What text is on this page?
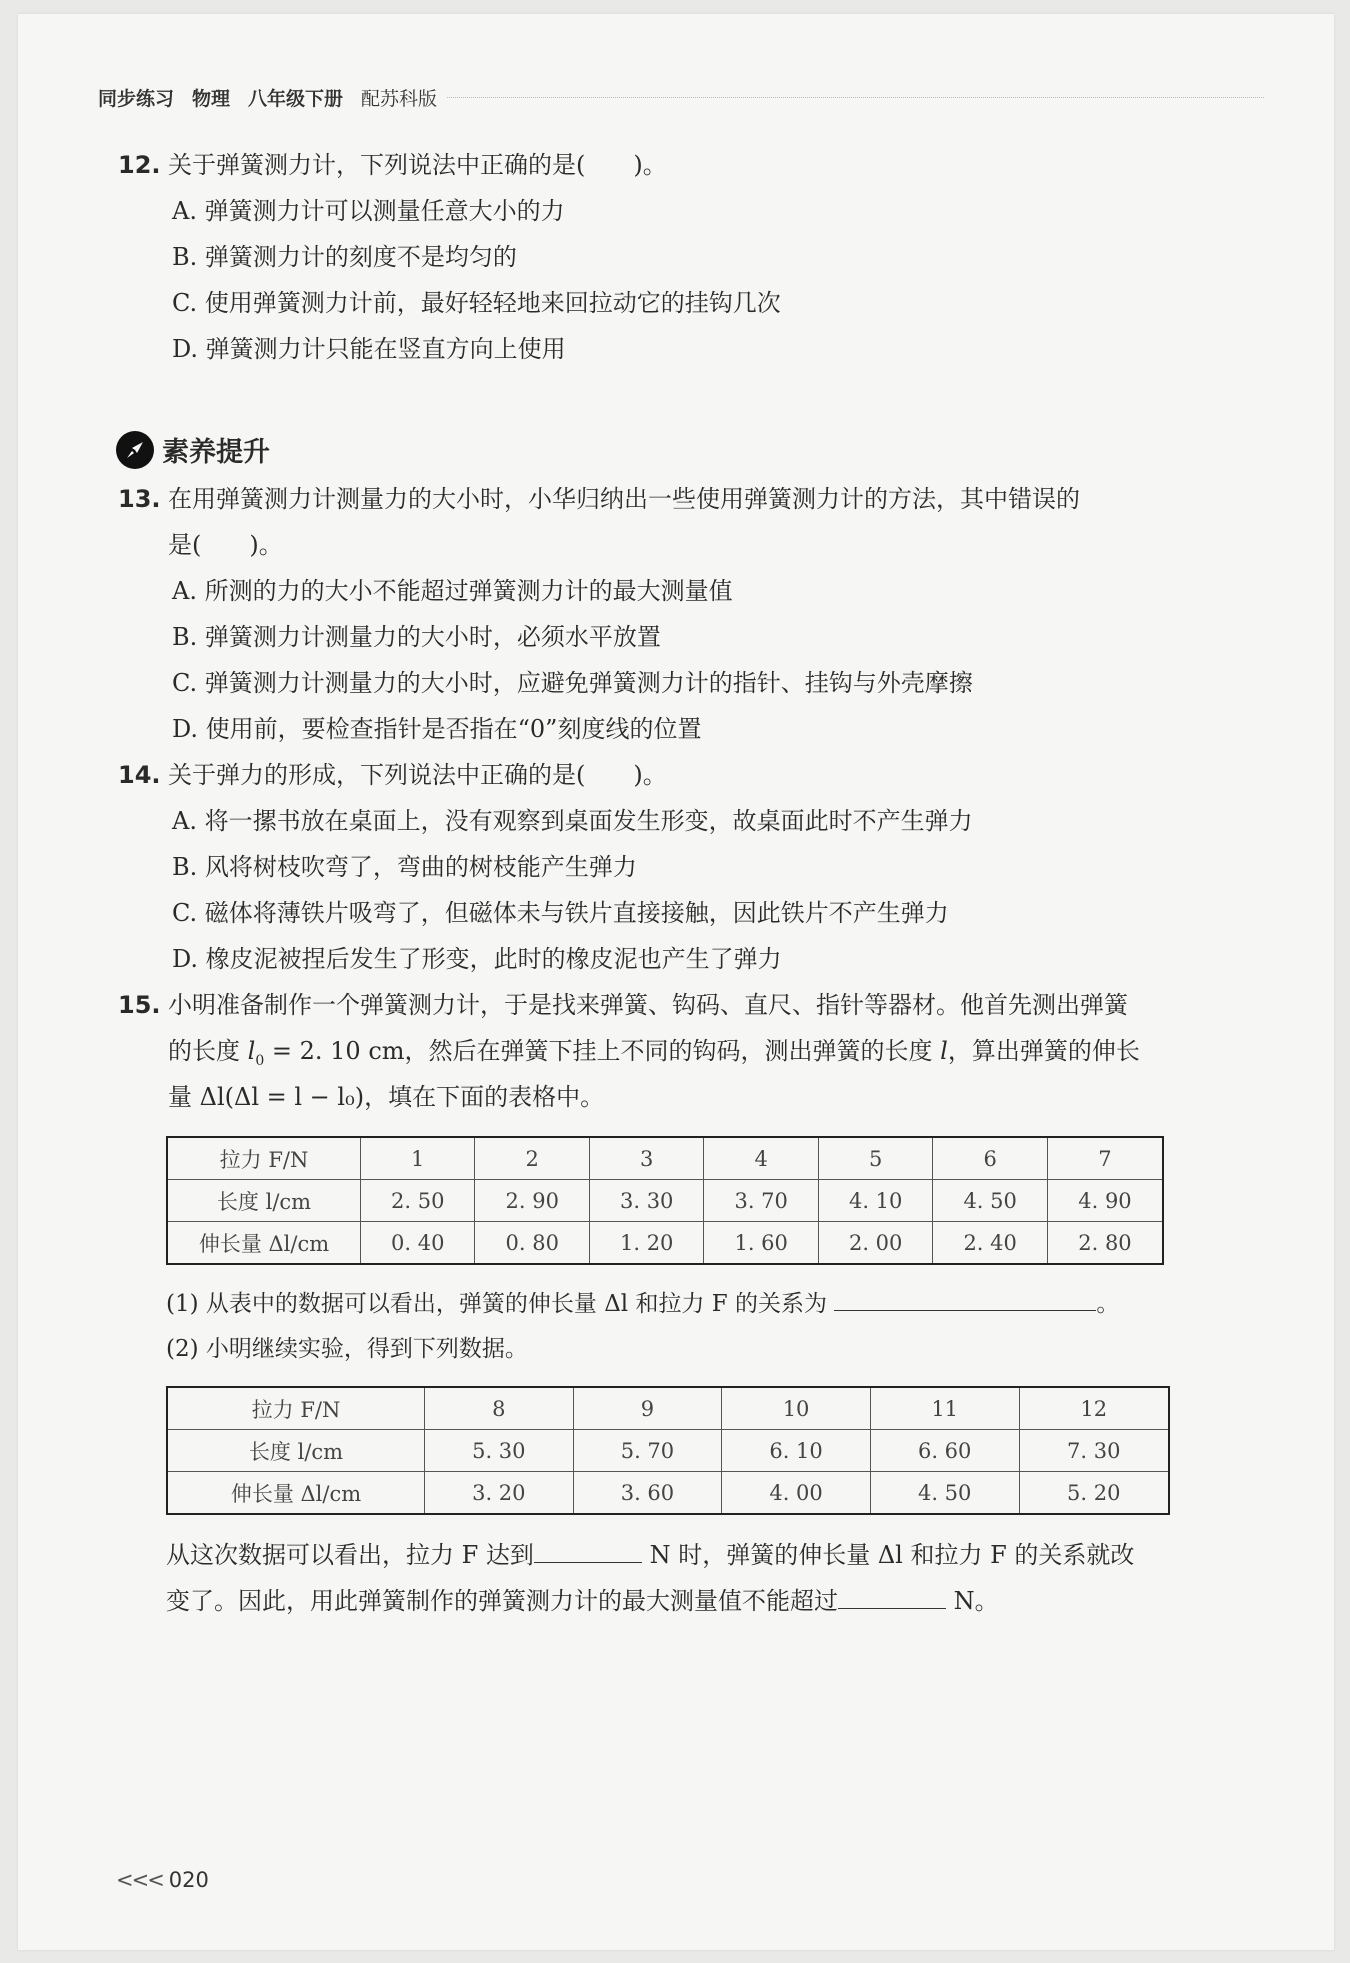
同步练习 物理 八年级下册 配苏科版
12. 关于弹簧测力计，下列说法中正确的是(　　)。
A. 弹簧测力计可以测量任意大小的力
B. 弹簧测力计的刻度不是均匀的
C. 使用弹簧测力计前，最好轻轻地来回拉动它的挂钩几次
D. 弹簧测力计只能在竖直方向上使用
素养提升
13. 在用弹簧测力计测量力的大小时，小华归纳出一些使用弹簧测力计的方法，其中错误的
是(　　)。
A. 所测的力的大小不能超过弹簧测力计的最大测量值
B. 弹簧测力计测量力的大小时，必须水平放置
C. 弹簧测力计测量力的大小时，应避免弹簧测力计的指针、挂钩与外壳摩擦
D. 使用前，要检查指针是否指在“0”刻度线的位置
14. 关于弹力的形成，下列说法中正确的是(　　)。
A. 将一摞书放在桌面上，没有观察到桌面发生形变，故桌面此时不产生弹力
B. 风将树枝吹弯了，弯曲的树枝能产生弹力
C. 磁体将薄铁片吸弯了，但磁体未与铁片直接接触，因此铁片不产生弹力
D. 橡皮泥被捏后发生了形变，此时的橡皮泥也产生了弹力
15. 小明准备制作一个弹簧测力计，于是找来弹簧、钩码、直尺、指针等器材。他首先测出弹簧
的长度 $l_0 = 2$. 10 cm，然后在弹簧下挂上不同的钩码，测出弹簧的长度 l，算出弹簧的伸长
量 Δl(Δl = l − l₀)，填在下面的表格中。
拉力 F/N	1	2	3	4	5	6	7
长度 l/cm	2. 50	2. 90	3. 30	3. 70	4. 10	4. 50	4. 90
伸长量 Δl/cm	0. 40	0. 80	1. 20	1. 60	2. 00	2. 40	2. 80
(1) 从表中的数据可以看出，弹簧的伸长量 Δl 和拉力 F 的关系为	。
(2) 小明继续实验，得到下列数据。
拉力 F/N	8	9	10	11	12
长度 l/cm	5. 30	5. 70	6. 10	6. 60	7. 30
伸长量 Δl/cm	3. 20	3. 60	4. 00	4. 50	5. 20
从这次数据可以看出，拉力 F 达到	N 时，弹簧的伸长量 Δl 和拉力 F 的关系就改
变了。因此，用此弹簧制作的弹簧测力计的最大测量值不能超过	N。
<<< 020
